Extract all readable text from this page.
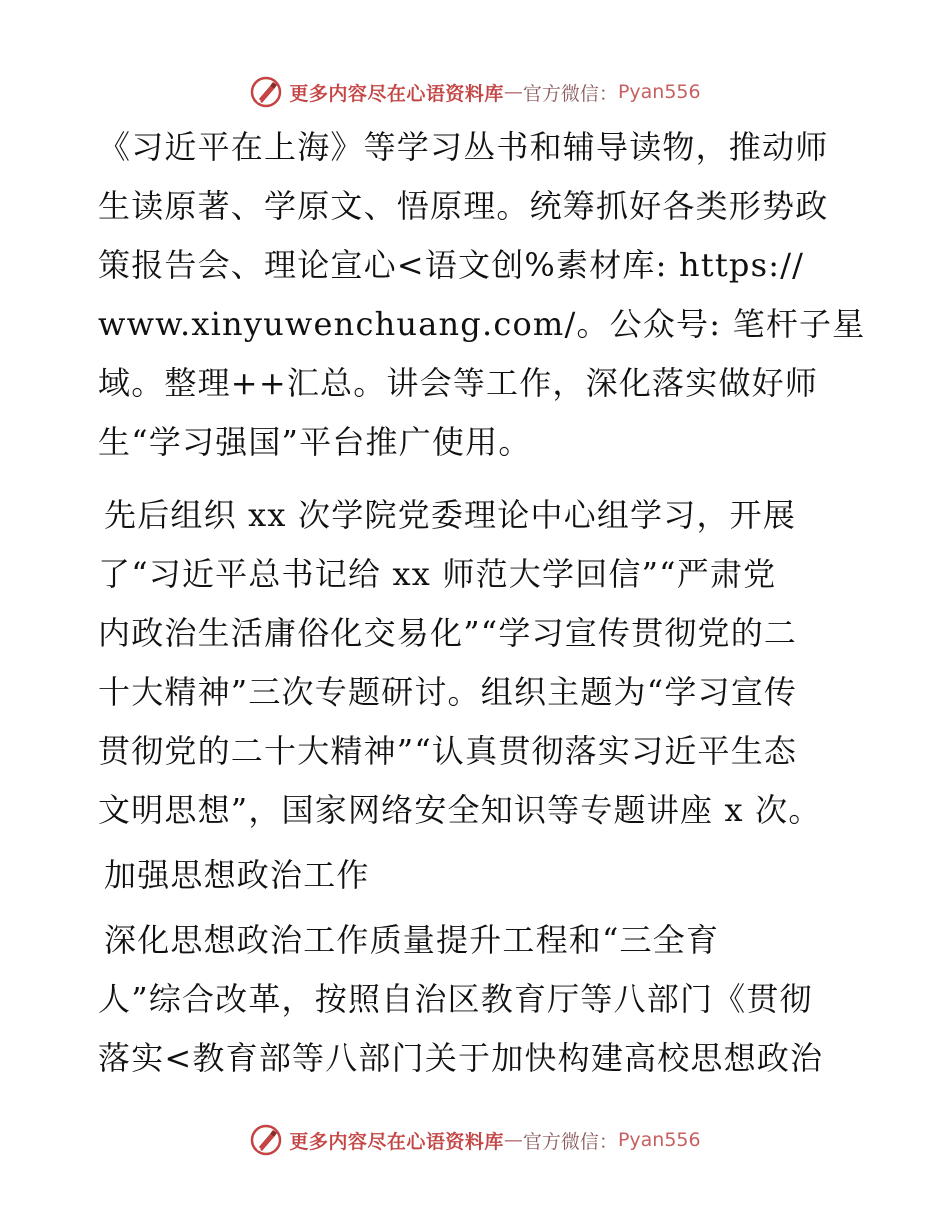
更多内容尽在心语资料库 — 官方微信： Pyan556

《习近平在上海》等学习丛书和辅导读物，推动师
生读原著、学原文、悟原理。统筹抓好各类形势政
策报告会、理论宣心<语文创%素材库: https://
www.xinyuwenchuang.com/。公众号: 笔杆子星
域。整理++汇总。讲会等工作，深化落实做好师
生“学习强国”平台推广使用。

先后组织 xx 次学院党委理论中心组学习，开展
了“习近平总书记给 xx 师范大学回信”“严肃党
内政治生活庸俗化交易化”“学习宣传贯彻党的二
十大精神”三次专题研讨。组织主题为“学习宣传
贯彻党的二十大精神”“认真贯彻落实习近平生态
文明思想”，国家网络安全知识等专题讲座 x 次。

加强思想政治工作

深化思想政治工作质量提升工程和“三全育
人”综合改革，按照自治区教育厅等八部门《贯彻
落实<教育部等八部门关于加快构建高校思想政治

更多内容尽在心语资料库 — 官方微信： Pyan556
